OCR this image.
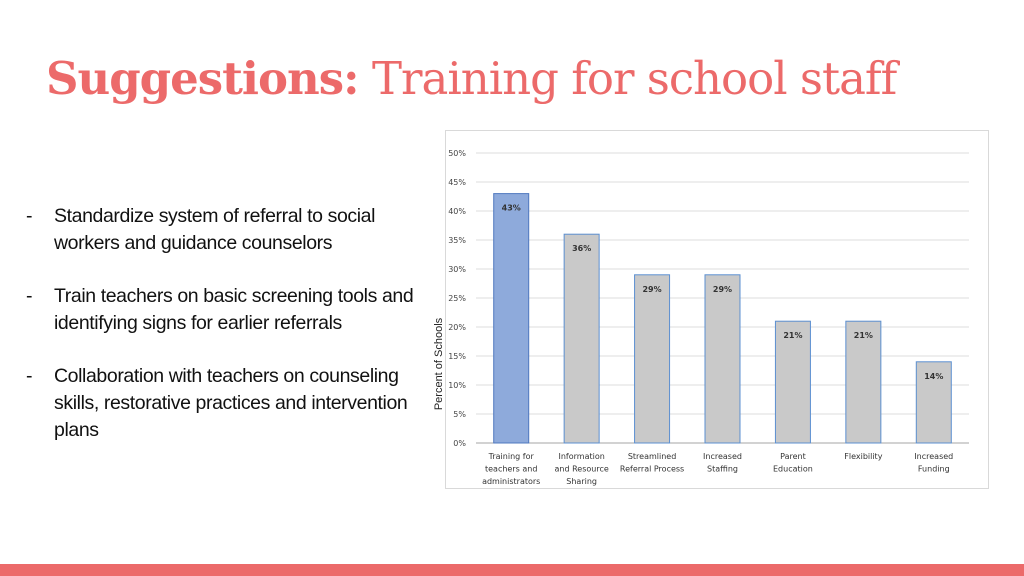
Suggestions: Training for school staff
- Standardize system of referral to social workers and guidance counselors
- Train teachers on basic screening tools and identifying signs for earlier referrals
- Collaboration with teachers on counseling skills, restorative practices and intervention plans
0%
5%
10%
15%
20%
25%
30%
35%
40%
45%
50%
43%
Training for
teachers and
administrators
36%
Information
and Resource
Sharing
29%
Streamlined
Referral Process
29%
Increased
Staffing
21%
Parent
Education
21%
Flexibility
14%
Increased
Funding
Percent of Schools
